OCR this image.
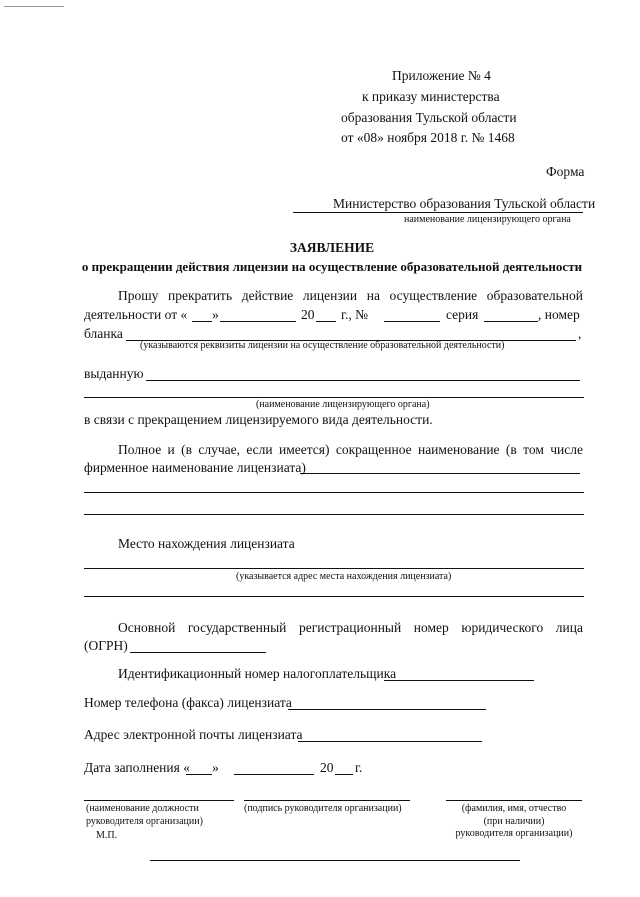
Приложение № 4
к приказу министерства
образования Тульской области
от «08» ноября 2018 г. № 1468
Форма
Министерство образования Тульской области
наименование лицензирующего органа
ЗАЯВЛЕНИЕ
о прекращении действия лицензии на осуществление образовательной деятельности
Прошу прекратить действие лицензии на осуществление образовательной
деятельности от « »	20 г., №	серия	, номер
бланка	,
(указываются реквизиты лицензии на осуществление образовательной деятельности)
выданную
(наименование лицензирующего органа)
в связи с прекращением лицензируемого вида деятельности.
Полное и (в случае, если имеется) сокращенное наименование (в том числе
фирменное наименование лицензиата)
Место нахождения лицензиата
(указывается адрес места нахождения лицензиата)
Основной государственный регистрационный номер юридического лица
(ОГРН)
Идентификационный номер налогоплательщика
Номер телефона (факса) лицензиата
Адрес электронной почты лицензиата
Дата заполнения « »	20 г.
(наименование должности
руководителя организации)
М.П.
(подпись руководителя организации)	(фамилия, имя, отчество
(при наличии)
руководителя организации)
